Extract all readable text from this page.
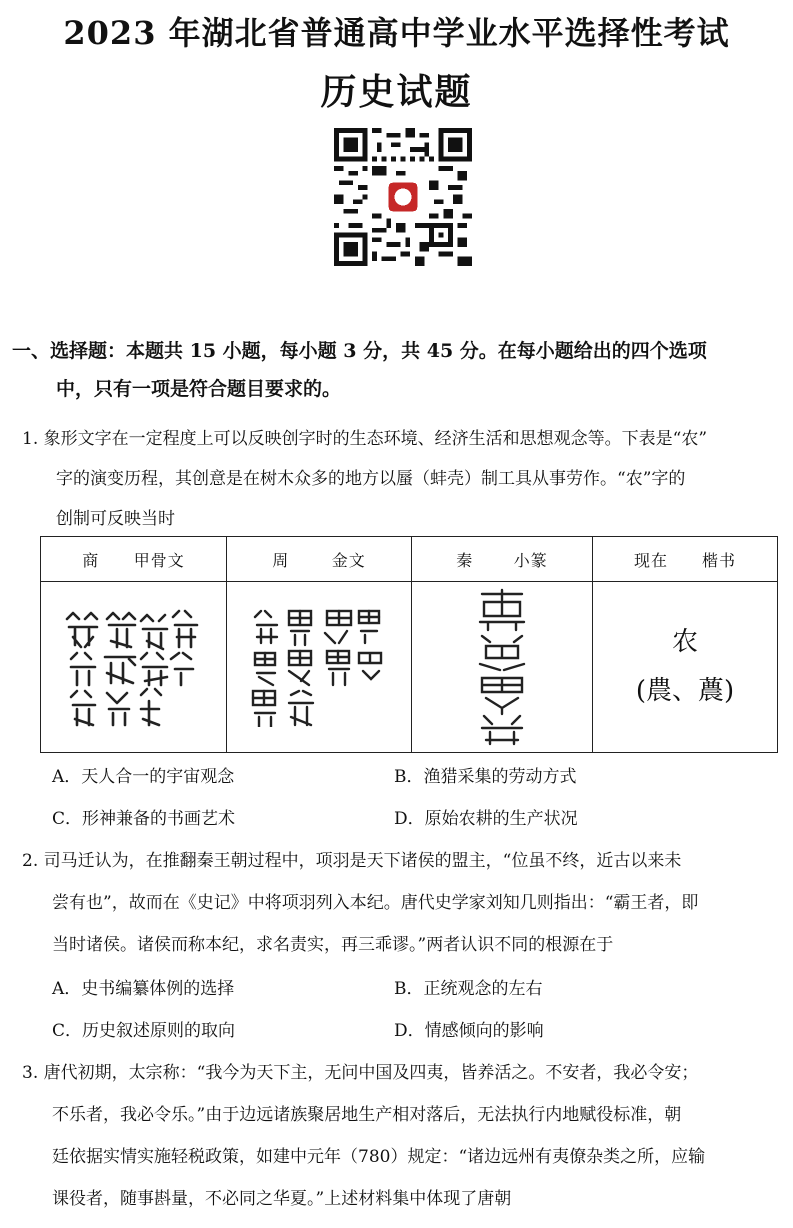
2023 年湖北省普通高中学业水平选择性考试
历史试题

一、选择题：本题共 15 小题，每小题 3 分，共 45 分。在每小题给出的四个选项

中，只有一项是符合题目要求的。

1. 象形文字在一定程度上可以反映创字时的生态环境、经济生活和思想观念等。下表是“农”

字的演变历程，其创意是在树木众多的地方以蜃（蚌壳）制工具从事劳作。“农”字的

创制可反映当时

商 甲骨文	周 金文	秦 小篆	现在 楷书

农
(農、蕽)

A．天人合一的宇宙观念	B．渔猎采集的劳动方式

C．形神兼备的书画艺术	D．原始农耕的生产状况

2. 司马迁认为，在推翻秦王朝过程中，项羽是天下诸侯的盟主，“位虽不终，近古以来未

尝有也”，故而在《史记》中将项羽列入本纪。唐代史学家刘知几则指出：“霸王者，即

当时诸侯。诸侯而称本纪，求名责实，再三乖谬。”两者认识不同的根源在于

A．史书编纂体例的选择	B．正统观念的左右

C．历史叙述原则的取向	D．情感倾向的影响

3. 唐代初期，太宗称：“我今为天下主，无问中国及四夷，皆养活之。不安者，我必令安；

不乐者，我必令乐。”由于边远诸族聚居地生产相对落后，无法执行内地赋役标准，朝

廷依据实情实施轻税政策，如建中元年（780）规定：“诸边远州有夷僚杂类之所，应输

课役者，随事斟量，不必同之华夏。”上述材料集中体现了唐朝
